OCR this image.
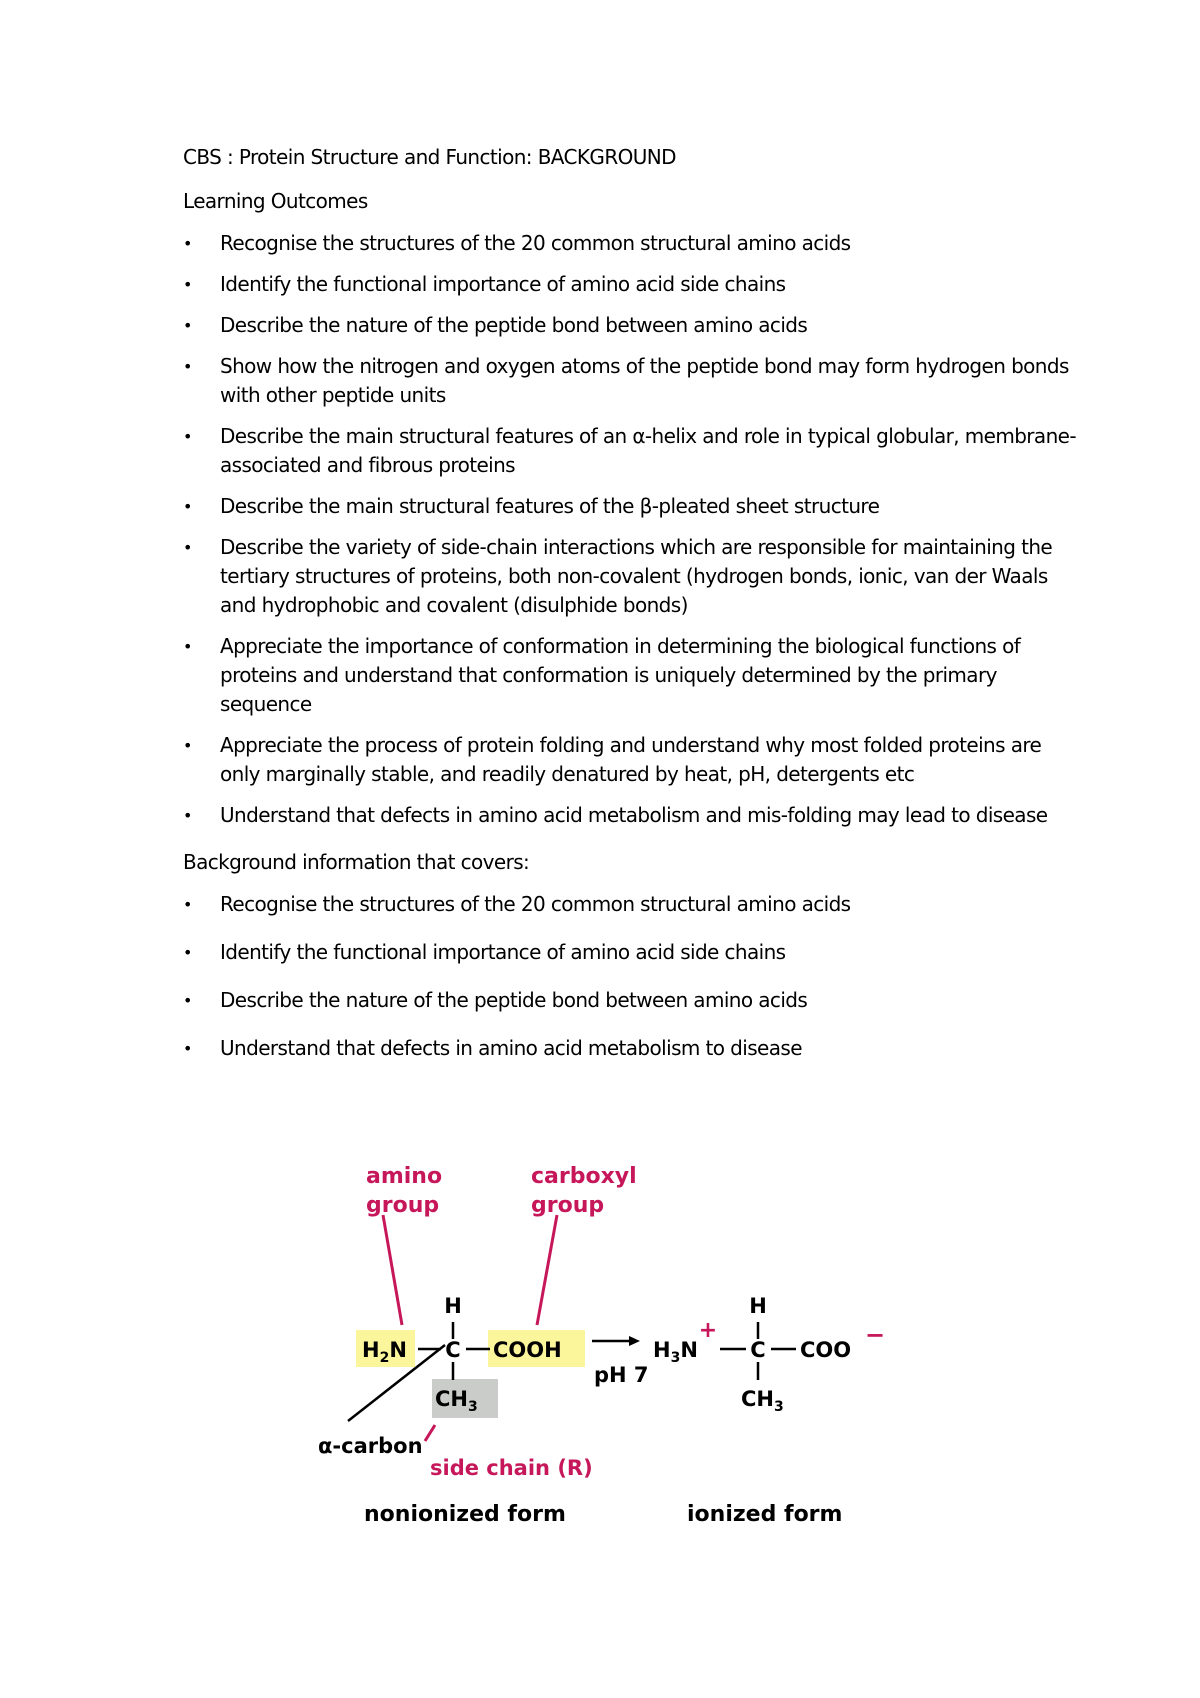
CBS : Protein Structure and Function: BACKGROUND
Learning Outcomes
• Recognise the structures of the 20 common structural amino acids
• Identify the functional importance of amino acid side chains
• Describe the nature of the peptide bond between amino acids
• Show how the nitrogen and oxygen atoms of the peptide bond may form hydrogen bonds with other peptide units
• Describe the main structural features of an α-helix and role in typical globular, membrane-associated and fibrous proteins
• Describe the main structural features of the β-pleated sheet structure
• Describe the variety of side-chain interactions which are responsible for maintaining the tertiary structures of proteins, both non-covalent (hydrogen bonds, ionic, van der Waals and hydrophobic and covalent (disulphide bonds)
• Appreciate the importance of conformation in determining the biological functions of proteins and understand that conformation is uniquely determined by the primary sequence
• Appreciate the process of protein folding and understand why most folded proteins are only marginally stable, and readily denatured by heat, pH, detergents etc
• Understand that defects in amino acid metabolism and mis-folding may lead to disease
Background information that covers:
• Recognise the structures of the 20 common structural amino acids
• Identify the functional importance of amino acid side chains
• Describe the nature of the peptide bond between amino acids
• Understand that defects in amino acid metabolism to disease
amino
group
carboxyl
group
H
$H_2N$ C COOH
$CH_3$
α-carbon
side chain (R)
pH 7
H
$H_3N$
+
C COO
−
$CH_3$
nonionized form	ionized form
